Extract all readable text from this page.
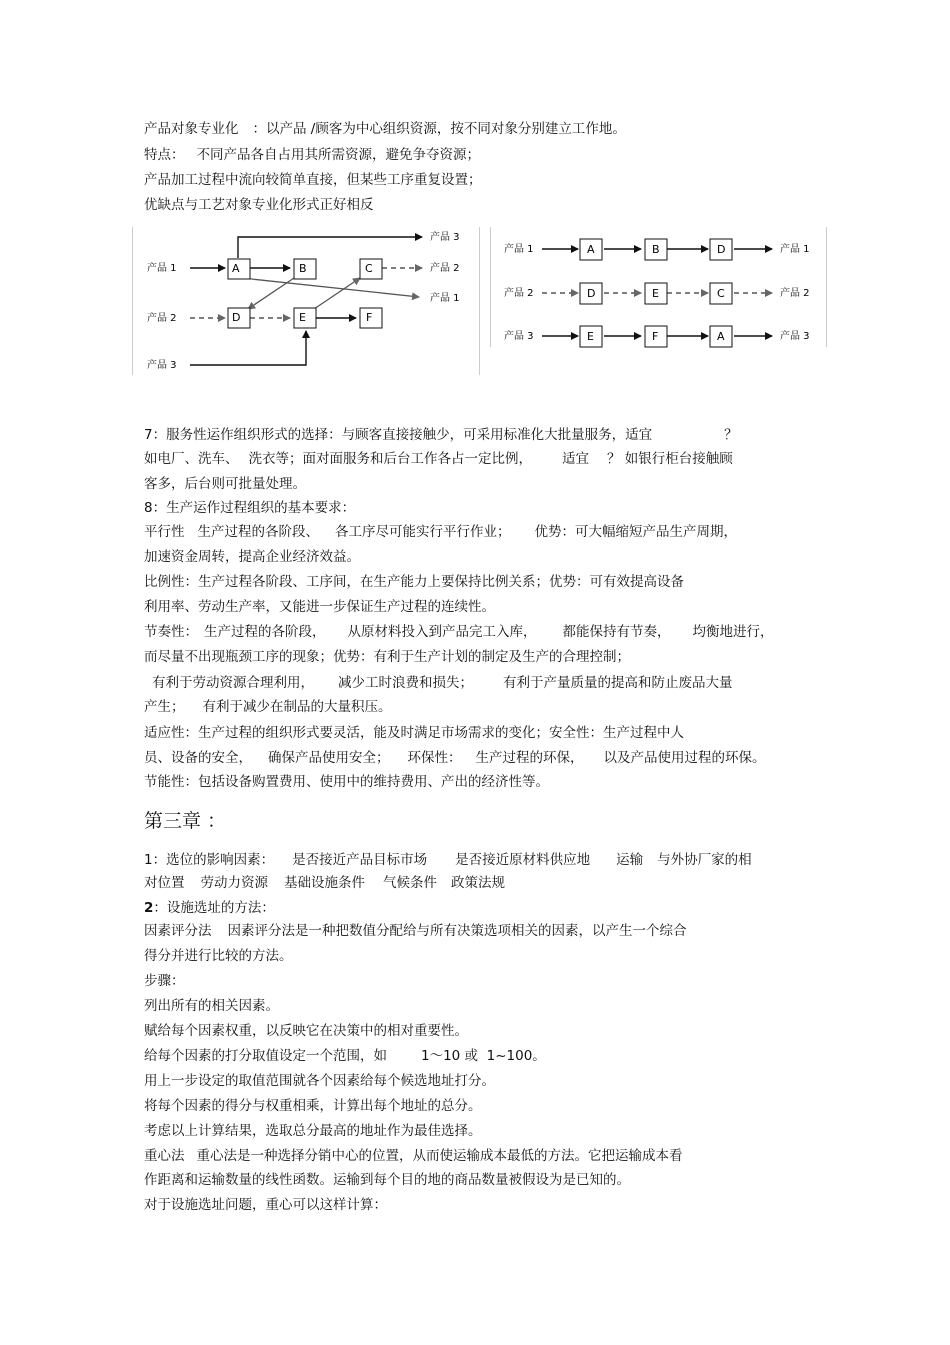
产品对象专业化 ：以产品 /顾客为中心组织资源，按不同对象分别建立工作地。
特点： 不同产品各自占用其所需资源，避免争夺资源；
产品加工过程中流向较简单直接，但某些工序重复设置；
优缺点与工艺对象专业化形式正好相反
A	B	C
D	E	F
产品 1
产品 2
产品 3
产品 3
产品 2
产品 1
A	B	D
产品 1	产品 1
D	E	C
产品 2	产品 2
E	F	A
产品 3	产品 3
7：服务性运作组织形式的选择：与顾客直接接触少，可采用标准化大批量服务，适宜	？
如电厂、洗车、 洗衣等；面对面服务和后台工作各占一定比例， 适宜 ？ 如银行柜台接触顾
客多，后台则可批量处理。
8：生产运作过程组织的基本要求：
平行性 生产过程的各阶段、 各工序尽可能实行平行作业； 优势：可大幅缩短产品生产周期，
加速资金周转，提高企业经济效益。
比例性：生产过程各阶段、工序间，在生产能力上要保持比例关系；优势：可有效提高设备
利用率、劳动生产率，又能进一步保证生产过程的连续性。
节奏性： 生产过程的各阶段， 从原材料投入到产品完工入库， 都能保持有节奏， 均衡地进行，
而尽量不出现瓶颈工序的现象；优势：有利于生产计划的制定及生产的合理控制；
有利于劳动资源合理利用， 减少工时浪费和损失； 有利于产量质量的提高和防止废品大量
产生； 有利于减少在制品的大量积压。
适应性：生产过程的组织形式要灵活，能及时满足市场需求的变化；安全性：生产过程中人
员、设备的安全， 确保产品使用安全； 环保性： 生产过程的环保， 以及产品使用过程的环保。
节能性：包括设备购置费用、使用中的维持费用、产出的经济性等。
第三章 ：
1：选位的影响因素： 是否接近产品目标市场 是否接近原材料供应地 运输 与外协厂家的相
对位置 劳动力资源 基础设施条件 气候条件 政策法规
2：设施选址的方法：
因素评分法 因素评分法是一种把数值分配给与所有决策选项相关的因素，以产生一个综合
得分并进行比较的方法。
步骤：
列出所有的相关因素。
赋给每个因素权重，以反映它在决策中的相对重要性。
给每个因素的打分取值设定一个范围，如	1～10 或  1~100。
用上一步设定的取值范围就各个因素给每个候选地址打分。
将每个因素的得分与权重相乘，计算出每个地址的总分。
考虑以上计算结果，选取总分最高的地址作为最佳选择。
重心法 重心法是一种选择分销中心的位置，从而使运输成本最低的方法。它把运输成本看
作距离和运输数量的线性函数。运输到每个目的地的商品数量被假设为是已知的。
对于设施选址问题，重心可以这样计算：
